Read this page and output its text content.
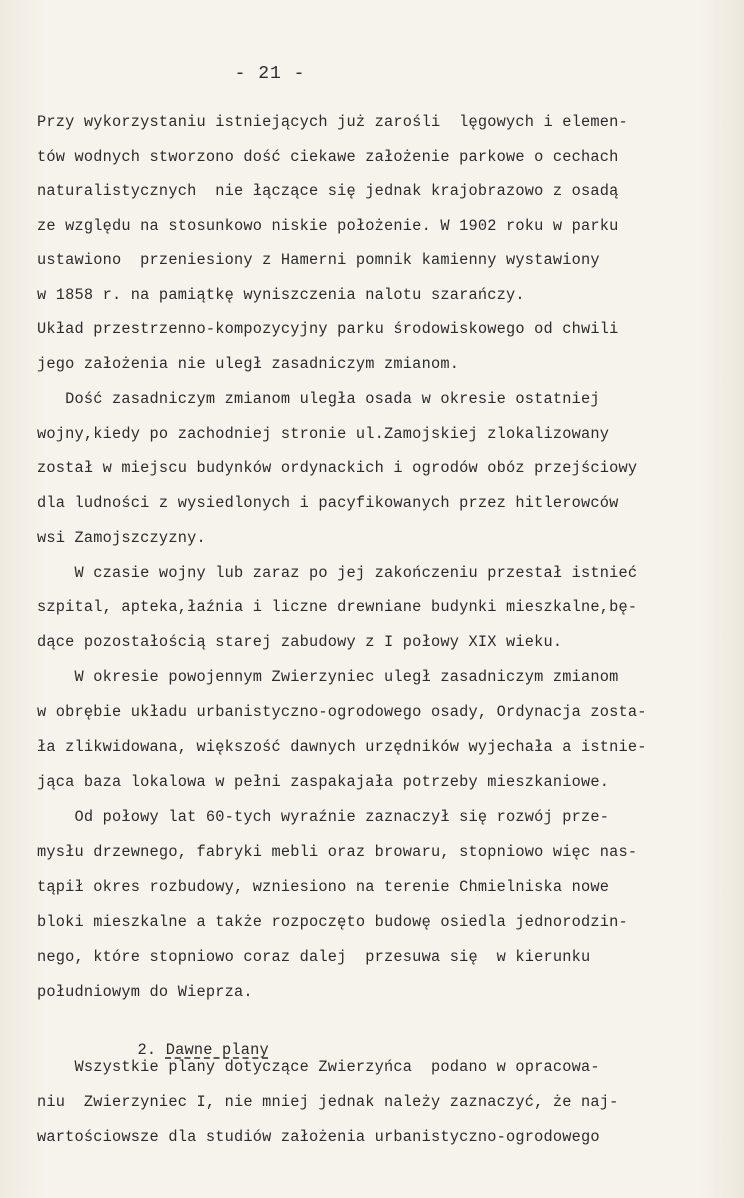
- 21 -
Przy wykorzystaniu istniejących już zarośli  lęgowych i elemen-
tów wodnych stworzono dość ciekawe założenie parkowe o cechach
naturalistycznych  nie łączące się jednak krajobrazowo z osadą
ze względu na stosunkowo niskie położenie. W 1902 roku w parku
ustawiono  przeniesiony z Hamerni pomnik kamienny wystawiony
w 1858 r. na pamiątkę wyniszczenia nalotu szarańczy.
Układ przestrzenno-kompozycyjny parku środowiskowego od chwili
jego założenia nie uległ zasadniczym zmianom.
Dość zasadniczym zmianom uległa osada w okresie ostatniej
wojny,kiedy po zachodniej stronie ul.Zamojskiej zlokalizowany
został w miejscu budynków ordynackich i ogrodów obóz przejściowy
dla ludności z wysiedlonych i pacyfikowanych przez hitlerowców
wsi Zamojszczyzny.
W czasie wojny lub zaraz po jej zakończeniu przestał istnieć
szpital, apteka,łaźnia i liczne drewniane budynki mieszkalne,bę-
dące pozostałością starej zabudowy z I połowy XIX wieku.
W okresie powojennym Zwierzyniec uległ zasadniczym zmianom
w obrębie układu urbanistyczno-ogrodowego osady, Ordynacja zosta-
ła zlikwidowana, większość dawnych urzędników wyjechała a istnie-
jąca baza lokalowa w pełni zaspakajała potrzeby mieszkaniowe.
Od połowy lat 60-tych wyraźnie zaznaczył się rozwój prze-
mysłu drzewnego, fabryki mebli oraz browaru, stopniowo więc nas-
tąpił okres rozbudowy, wzniesiono na terenie Chmielniska nowe
bloki mieszkalne a także rozpoczęto budowę osiedla jednorodzin-
nego, które stopniowo coraz dalej  przesuwa się  w kierunku
południowym do Wieprza.

2. Dawne plany

Wszystkie plany dotyczące Zwierzyńca  podano w opracowa-
niu  Zwierzyniec I, nie mniej jednak należy zaznaczyć, że naj-
wartościowsze dla studiów założenia urbanistyczno-ogrodowego
